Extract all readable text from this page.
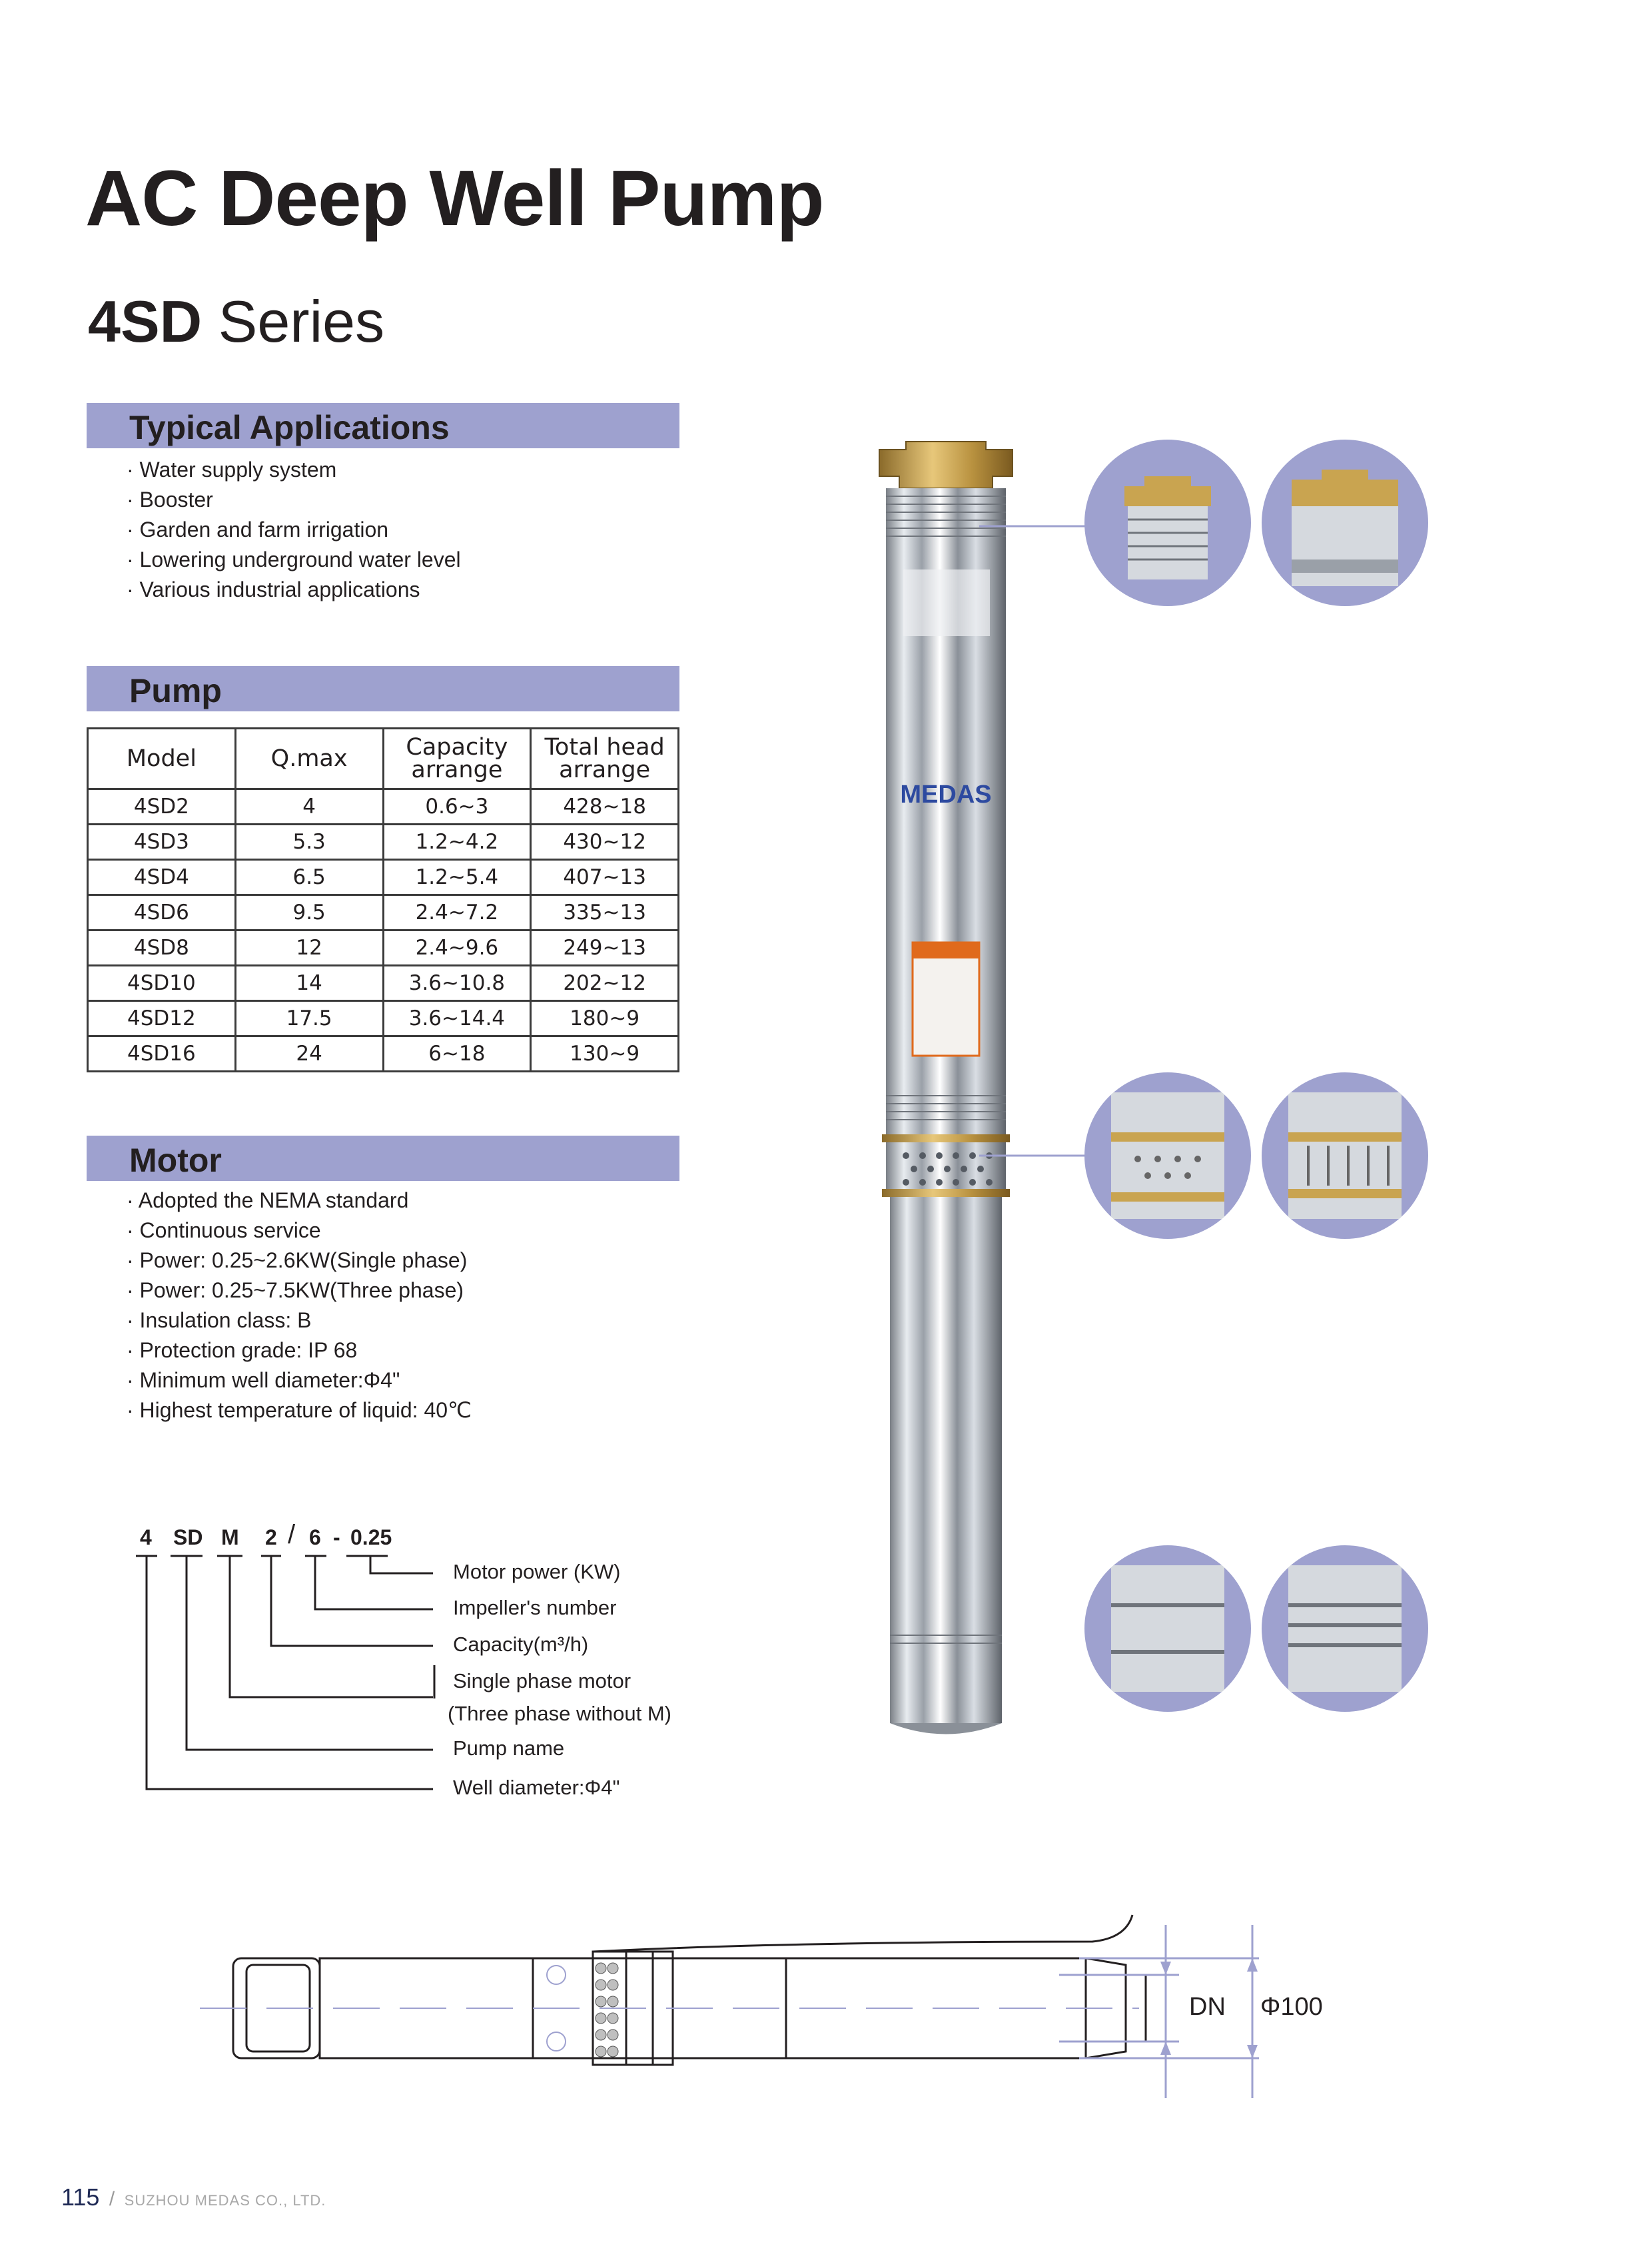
AC Deep Well Pump
4SD Series
Typical Applications
· Water supply system
· Booster
· Garden and farm irrigation
· Lowering underground water level
· Various industrial applications
Pump
Model	Q.max	Capacity arrange	Total head arrange
4SD2	4	0.6~3	428~18
4SD3	5.3	1.2~4.2	430~12
4SD4	6.5	1.2~5.4	407~13
4SD6	9.5	2.4~7.2	335~13
4SD8	12	2.4~9.6	249~13
4SD10	14	3.6~10.8	202~12
4SD12	17.5	3.6~14.4	180~9
4SD16	24	6~18	130~9
Motor
· Adopted the NEMA standard
· Continuous service
· Power: 0.25~2.6KW(Single phase)
· Power: 0.25~7.5KW(Three phase)
· Insulation class: B
· Protection grade: IP 68
· Minimum well diameter:Φ4"
· Highest temperature of liquid: 40℃
4 SD M 2 / 6 - 0.25
Motor power (KW)
Impeller's number
Capacity(m³/h)
Single phase motor
(Three phase without M)
Pump name
Well diameter:Φ4"
MEDAS
DN Φ100
115 / SUZHOU MEDAS CO., LTD.
